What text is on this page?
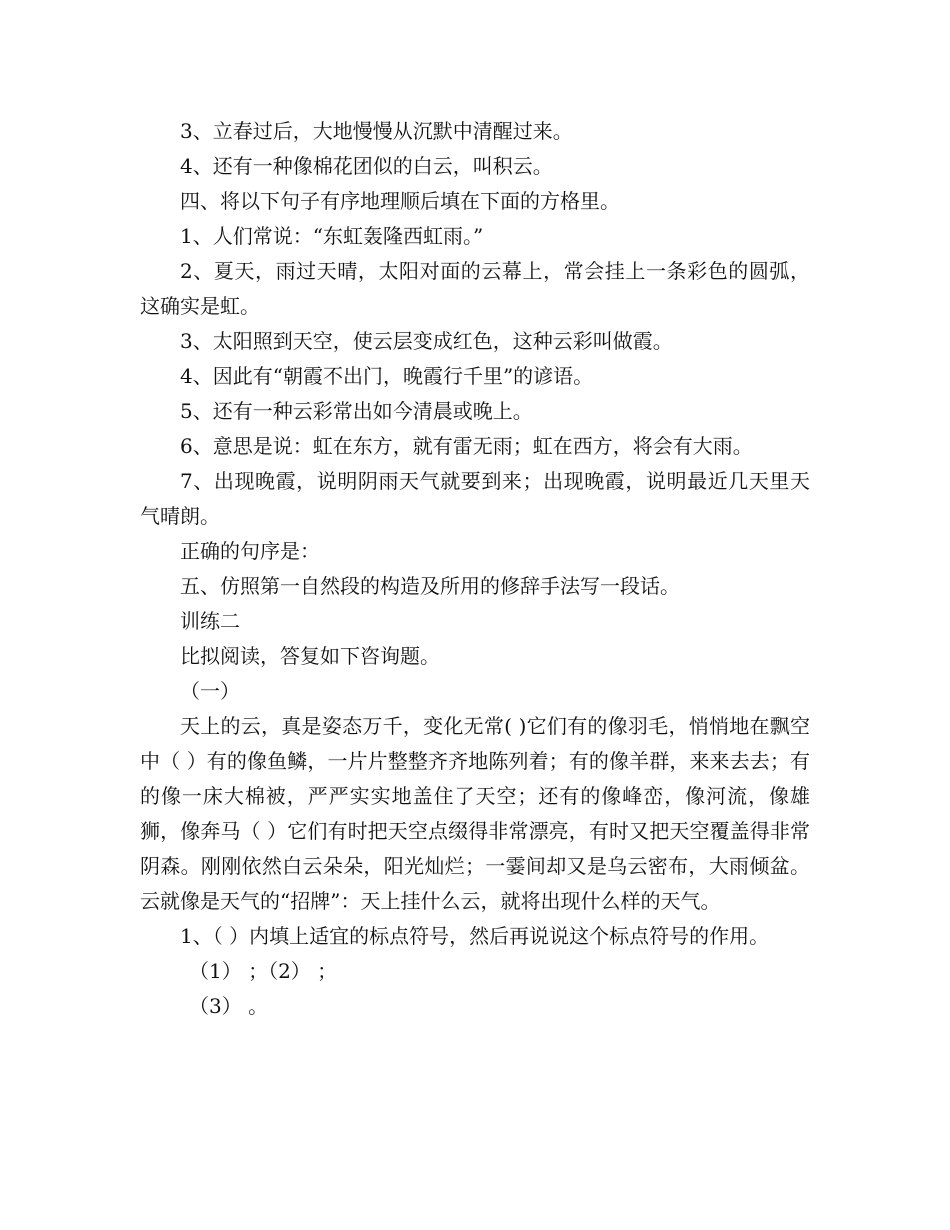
3、立春过后，大地慢慢从沉默中清醒过来。

4、还有一种像棉花团似的白云，叫积云。

四、将以下句子有序地理顺后填在下面的方格里。

1、人们常说：“东虹轰隆西虹雨。”

2、夏天，雨过天晴，太阳对面的云幕上，常会挂上一条彩色的圆弧，这确实是虹。

3、太阳照到天空，使云层变成红色，这种云彩叫做霞。

4、因此有“朝霞不出门，晚霞行千里”的谚语。

5、还有一种云彩常出如今清晨或晚上。

6、意思是说：虹在东方，就有雷无雨；虹在西方，将会有大雨。

7、出现晚霞，说明阴雨天气就要到来；出现晚霞，说明最近几天里天气晴朗。

正确的句序是：

五、仿照第一自然段的构造及所用的修辞手法写一段话。

训练二

比拟阅读，答复如下咨询题。

（一）

天上的云，真是姿态万千，变化无常( )它们有的像羽毛，悄悄地在飘空中（ ）有的像鱼鳞，一片片整整齐齐地陈列着；有的像羊群，来来去去；有的像一床大棉被，严严实实地盖住了天空；还有的像峰峦，像河流，像雄狮，像奔马（ ）它们有时把天空点缀得非常漂亮，有时又把天空覆盖得非常阴森。刚刚依然白云朵朵，阳光灿烂；一霎间却又是乌云密布，大雨倾盆。云就像是天气的“招牌”：天上挂什么云，就将出现什么样的天气。

1、（ ）内填上适宜的标点符号，然后再说说这个标点符号的作用。

（1） ；（2） ；

（3） 。
